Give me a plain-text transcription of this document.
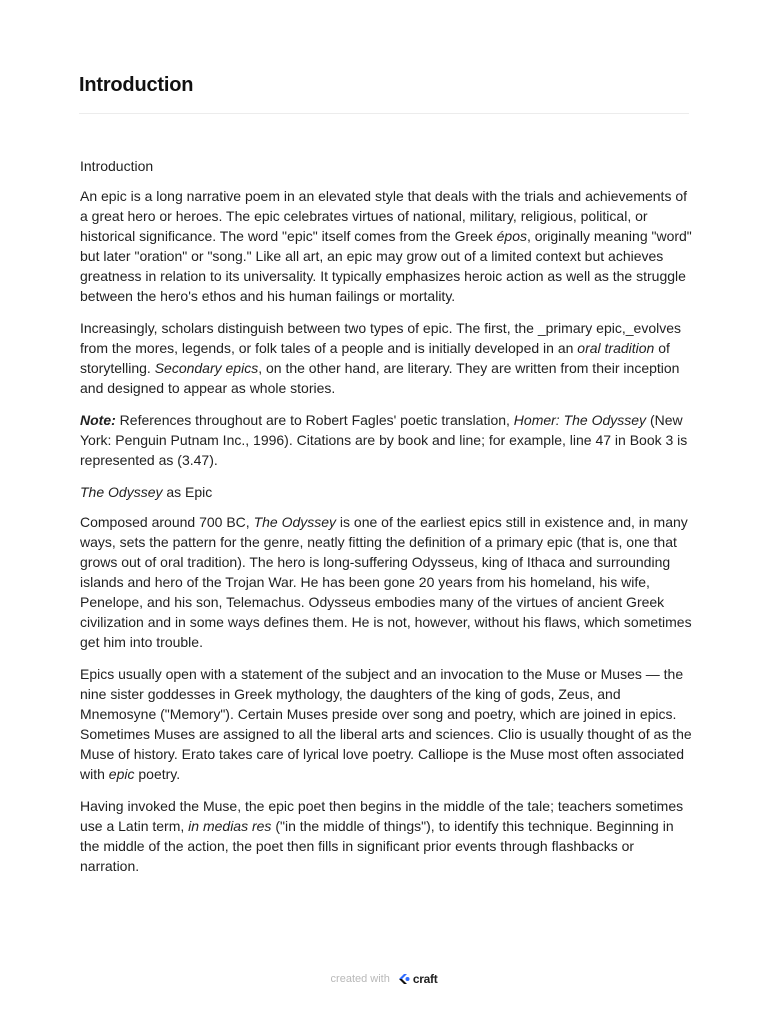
Introduction

Introduction

An epic is a long narrative poem in an elevated style that deals with the trials and achievements of a great hero or heroes. The epic celebrates virtues of national, military, religious, political, or historical significance. The word "epic" itself comes from the Greek épos, originally meaning "word" but later "oration" or "song." Like all art, an epic may grow out of a limited context but achieves greatness in relation to its universality. It typically emphasizes heroic action as well as the struggle between the hero's ethos and his human failings or mortality.

Increasingly, scholars distinguish between two types of epic. The first, the _primary epic,_evolves from the mores, legends, or folk tales of a people and is initially developed in an oral tradition of storytelling. Secondary epics, on the other hand, are literary. They are written from their inception and designed to appear as whole stories.

Note: References throughout are to Robert Fagles' poetic translation, Homer: The Odyssey (New York: Penguin Putnam Inc., 1996). Citations are by book and line; for example, line 47 in Book 3 is represented as (3.47).

The Odyssey as Epic

Composed around 700 BC, The Odyssey is one of the earliest epics still in existence and, in many ways, sets the pattern for the genre, neatly fitting the definition of a primary epic (that is, one that grows out of oral tradition). The hero is long-suffering Odysseus, king of Ithaca and surrounding islands and hero of the Trojan War. He has been gone 20 years from his homeland, his wife, Penelope, and his son, Telemachus. Odysseus embodies many of the virtues of ancient Greek civilization and in some ways defines them. He is not, however, without his flaws, which sometimes get him into trouble.

Epics usually open with a statement of the subject and an invocation to the Muse or Muses — the nine sister goddesses in Greek mythology, the daughters of the king of gods, Zeus, and Mnemosyne ("Memory"). Certain Muses preside over song and poetry, which are joined in epics. Sometimes Muses are assigned to all the liberal arts and sciences. Clio is usually thought of as the Muse of history. Erato takes care of lyrical love poetry. Calliope is the Muse most often associated with epic poetry.

Having invoked the Muse, the epic poet then begins in the middle of the tale; teachers sometimes use a Latin term, in medias res ("in the middle of things"), to identify this technique. Beginning in the middle of the action, the poet then fills in significant prior events through flashbacks or narration.

created with craft
